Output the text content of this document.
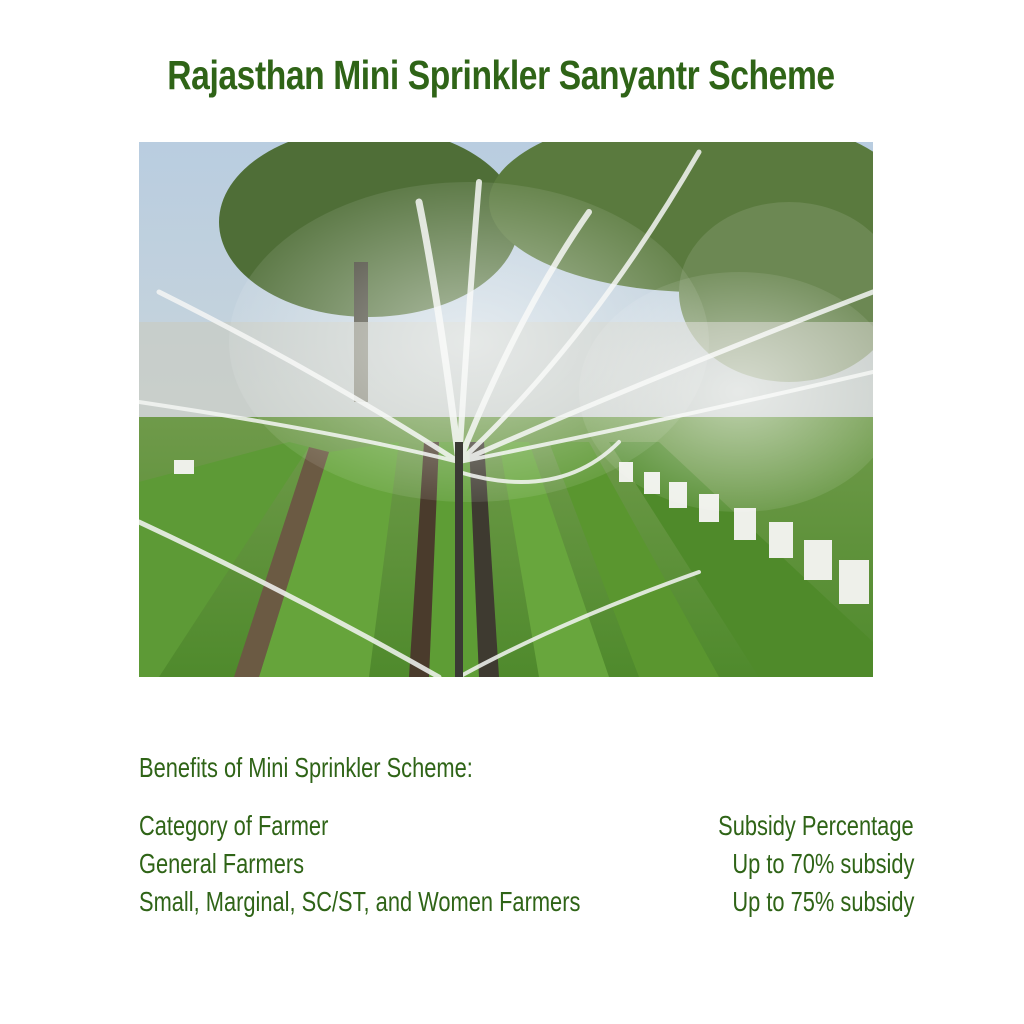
Rajasthan Mini Sprinkler Sanyantr Scheme
Benefits of Mini Sprinkler Scheme:
Category of Farmer	Subsidy Percentage
General Farmers	Up to 70% subsidy
Small, Marginal, SC/ST, and Women Farmers	Up to 75% subsidy
